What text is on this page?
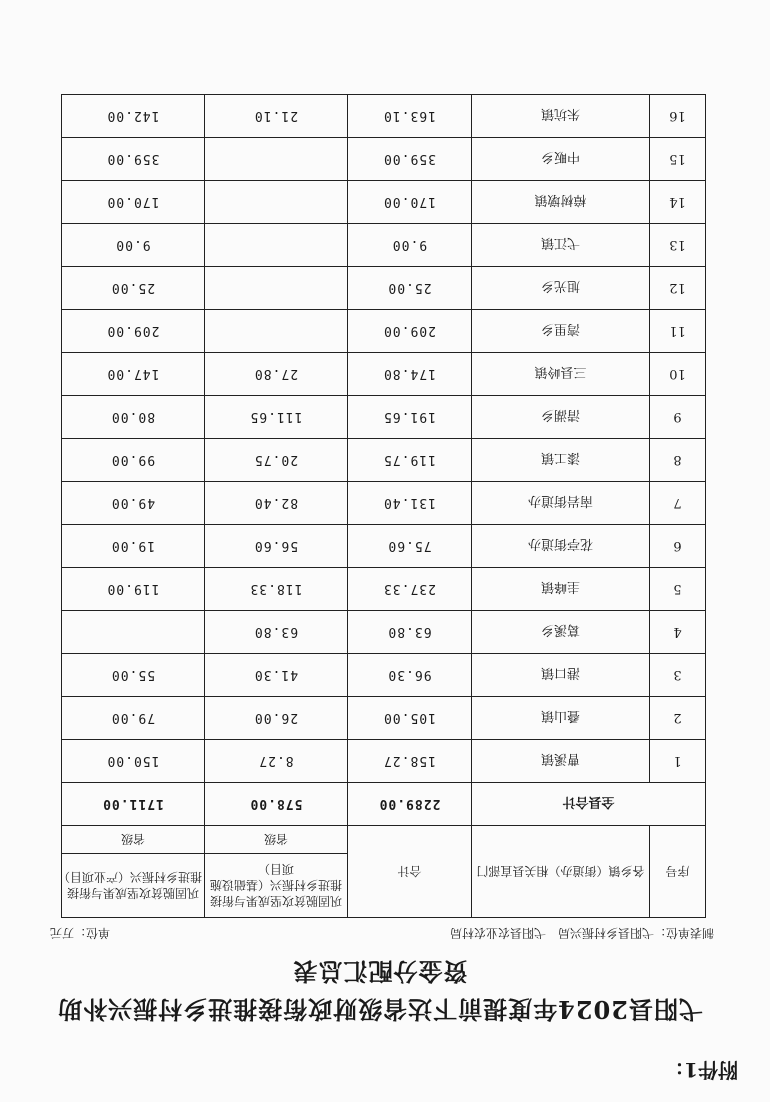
附件1：
弋阳县2024年度提前下达省级财政衔接推进乡村振兴补助资金分配汇总表
制表单位：弋阳县乡村振兴局　弋阳县农业农村局
单位：万元
序号	各乡镇（街道办）相关县直部门	合计	巩固脱贫攻坚成果与衔接推进乡村振兴（基础设施项目）	巩固脱贫攻坚成果与衔接推进乡村振兴（产业项目）
			省级	省级
全县合计		2289.00	578.00	1711.00
1	曹溪镇	158.27	8.27	150.00
2	叠山镇	105.00	26.00	79.00
3	港口镇	96.30	41.30	55.00
4	葛溪乡	63.80	63.80	
5	圭峰镇	237.33	118.33	119.00
6	花亭街道办	75.60	56.60	19.00
7	南岩街道办	131.40	82.40	49.00
8	漆工镇	119.75	20.75	99.00
9	清湖乡	191.65	111.65	80.00
10	三县岭镇	174.80	27.80	147.00
11	湾里乡	209.00		209.00
12	旭光乡	25.00		25.00
13	弋江镇	9.00		9.00
14	樟树墩镇	170.00		170.00
15	中畈乡	359.00		359.00
16	朱坑镇	163.10	21.10	142.00
